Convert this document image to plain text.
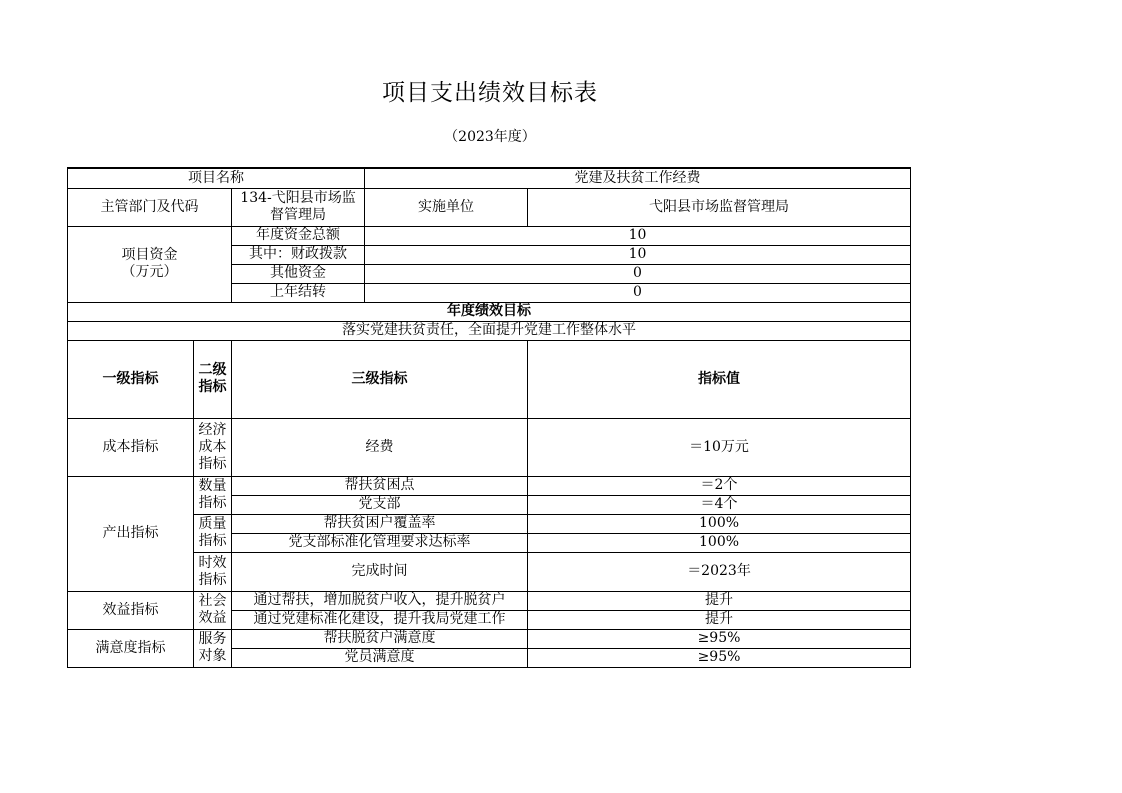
项目支出绩效目标表
（2023年度）
项目名称			党建及扶贫工作经费	
主管部门及代码		134-弋阳县市场监督管理局	实施单位	弋阳县市场监督管理局

项目资金
（万元）		年度资金总额	10	
		其中：财政拨款	10	
		其他资金	0	
		上年结转	0	
年度绩效目标				
落实党建扶贫责任，全面提升党建工作整体水平				
一级指标	二级指标	三级指标		指标值
成本指标	经济成本指标	经费		＝10万元
产出指标	数量指标	帮扶贫困点		＝2个
		党支部		＝4个
	质量指标	帮扶贫困户覆盖率		100%
		党支部标准化管理要求达标率		100%
	时效指标	完成时间		＝2023年
效益指标	社会效益	通过帮扶，增加脱贫户收入，提升脱贫户		提升
		通过党建标准化建设，提升我局党建工作		提升
满意度指标	服务对象	帮扶脱贫户满意度		≥95%
		党员满意度		≥95%
